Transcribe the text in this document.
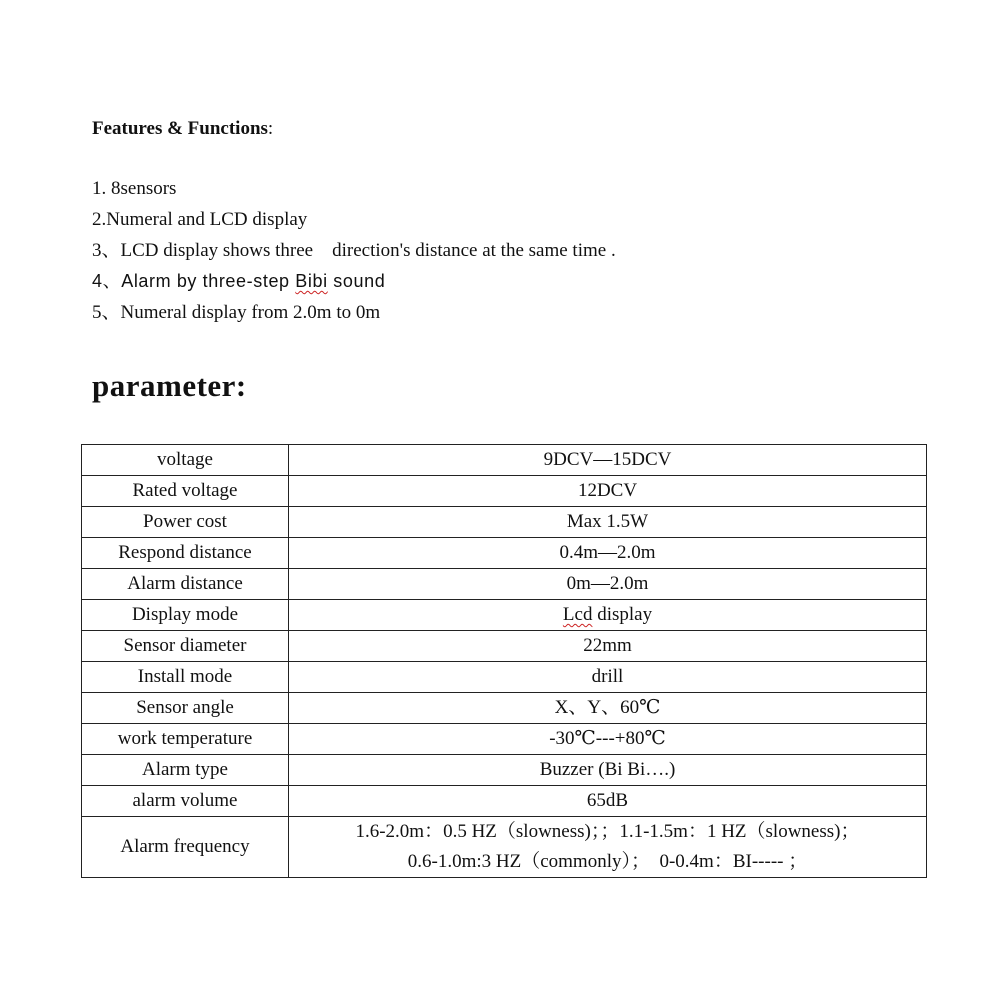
Features & Functions:
1. 8sensors
2.Numeral and LCD display
3、LCD display shows three    direction's distance at the same time .
4、Alarm by three-step Bibi sound
5、Numeral display from 2.0m to 0m
parameter:
voltage	9DCV—15DCV
Rated voltage	12DCV
Power cost	Max 1.5W
Respond distance	0.4m—2.0m
Alarm distance	0m—2.0m
Display mode	Lcd display
Sensor diameter	22mm
Install mode	drill
Sensor angle	X、Y、60℃
work temperature	-30℃---+80℃
Alarm type	Buzzer (Bi Bi….)
alarm volume	65dB
Alarm frequency	1.6-2.0m：0.5 HZ（slowness)；；1.1-1.5m：1 HZ（slowness)；
0.6-1.0m:3 HZ（commonly）；  0-0.4m：BI----- ；
